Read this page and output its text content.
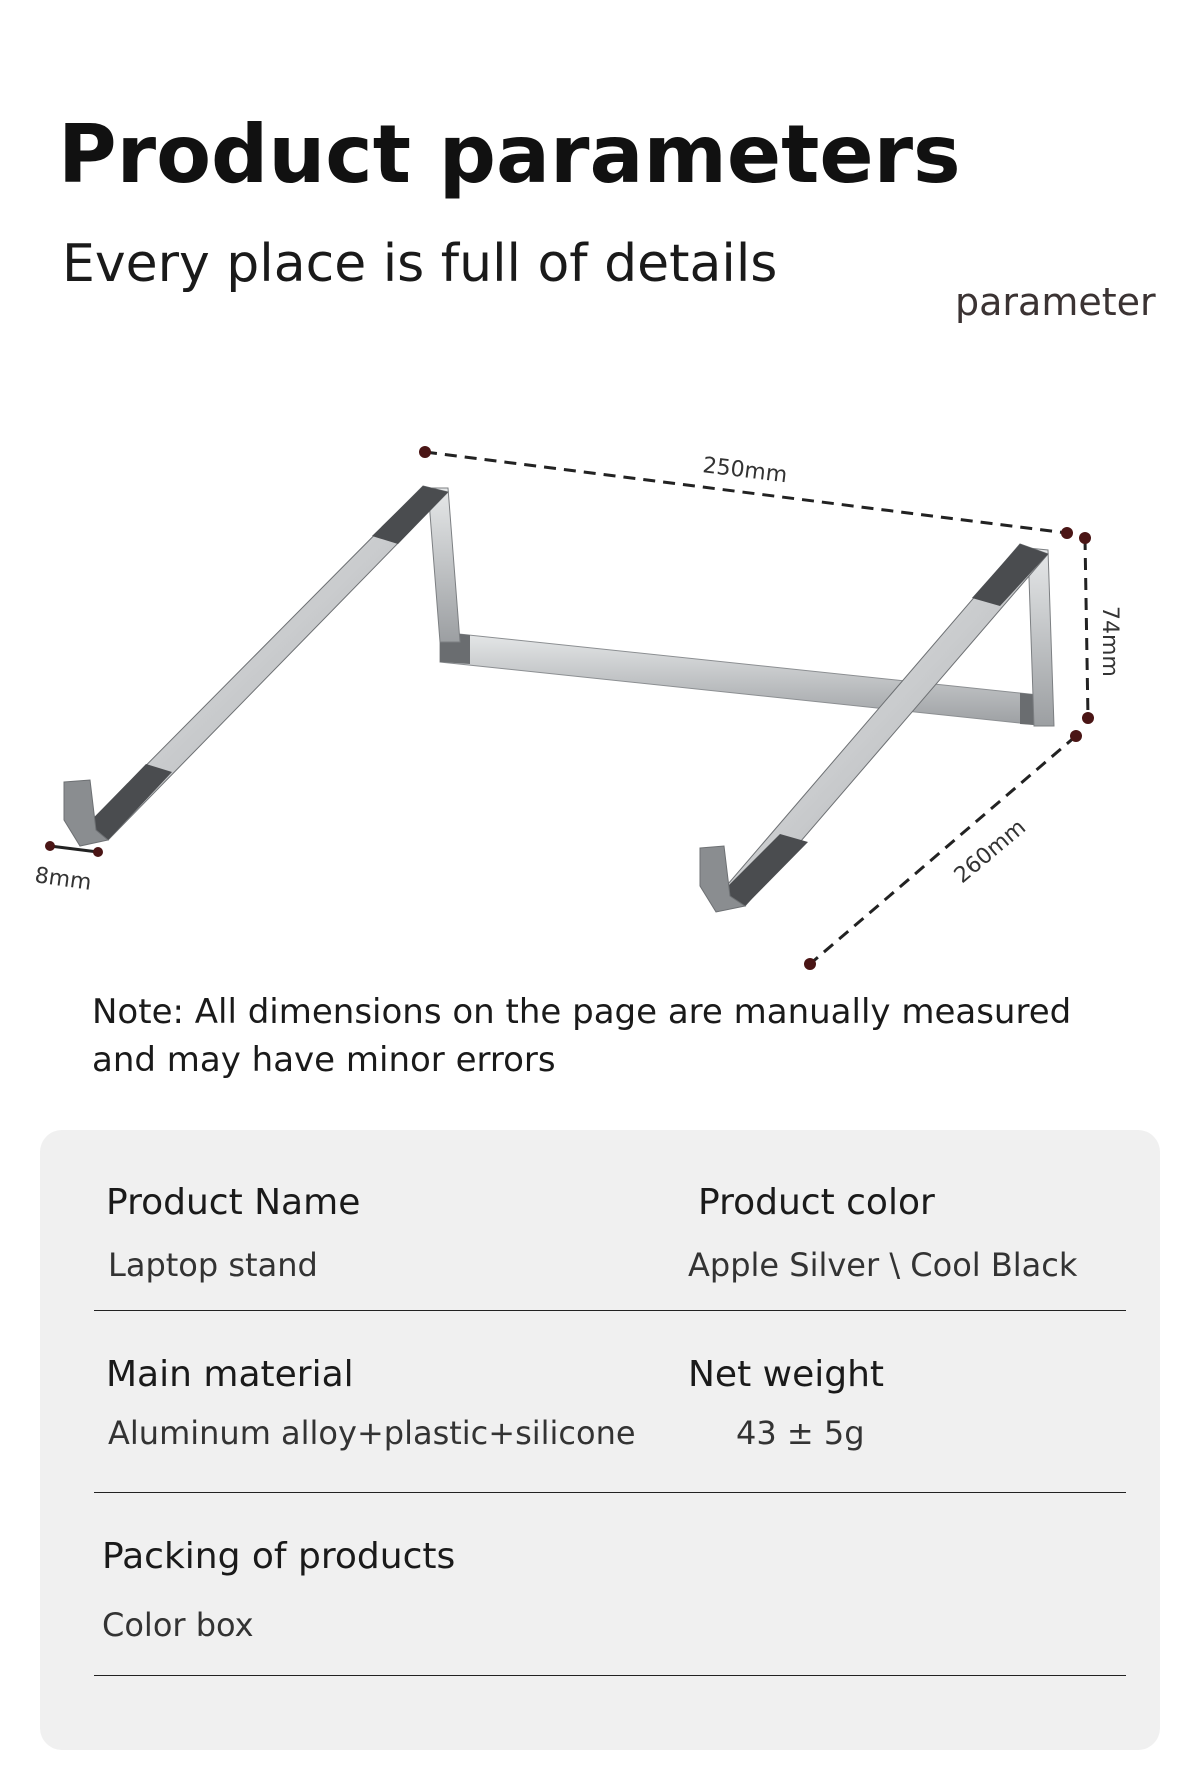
Product parameters
Every place is full of details
parameter
250mm
74mm
260mm
8mm
Note: All dimensions on the page are manually measured and may have minor errors
Product Name
Laptop stand
Product color
Apple Silver \ Cool Black
Main material
Aluminum alloy+plastic+silicone
Net weight
43 ± 5g
Packing of products
Color box
